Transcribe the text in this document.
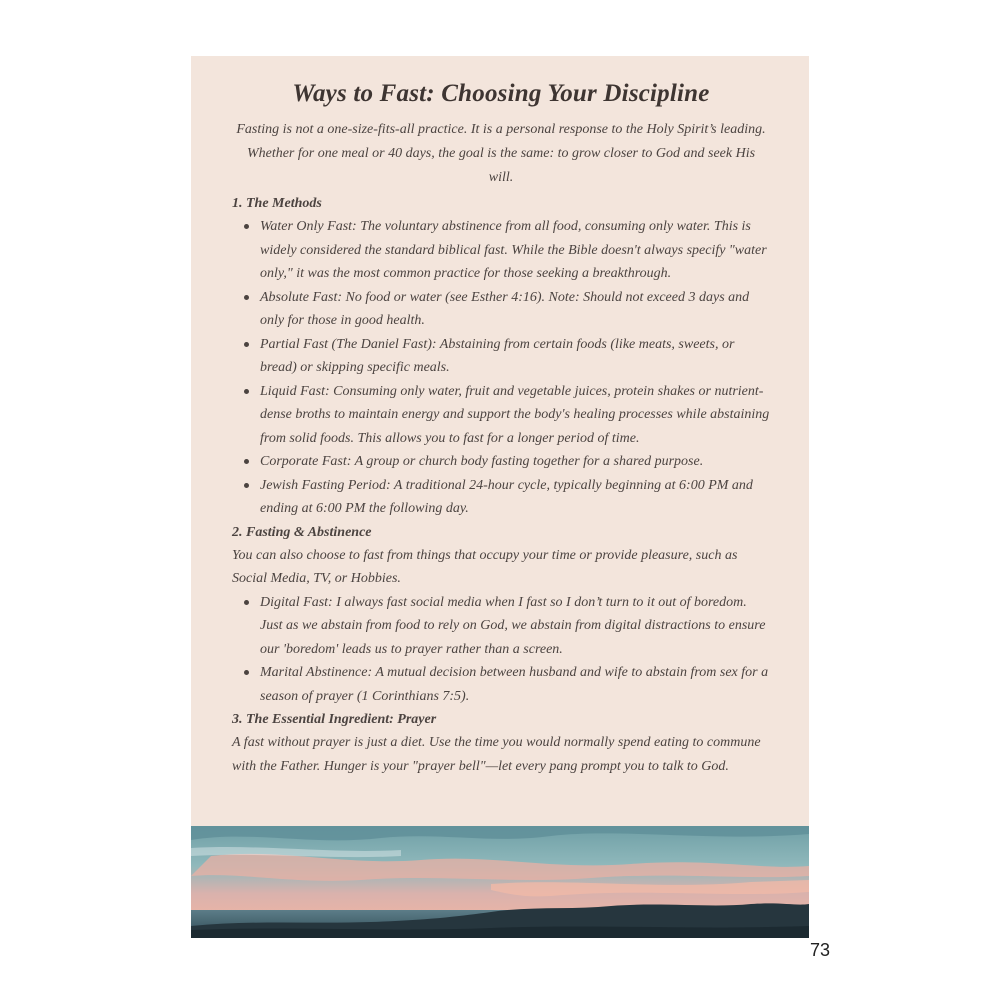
Ways to Fast: Choosing Your Discipline

Fasting is not a one-size-fits-all practice. It is a personal response to the Holy Spirit’s leading. Whether for one meal or 40 days, the goal is the same: to grow closer to God and seek His will.

1. The Methods

Water Only Fast: The voluntary abstinence from all food, consuming only water. This is widely considered the standard biblical fast. While the Bible doesn't always specify "water only," it was the most common practice for those seeking a breakthrough.
Absolute Fast: No food or water (see Esther 4:16). Note: Should not exceed 3 days and only for those in good health.
Partial Fast (The Daniel Fast): Abstaining from certain foods (like meats, sweets, or bread) or skipping specific meals.
Liquid Fast: Consuming only water, fruit and vegetable juices, protein shakes or nutrient-dense broths to maintain energy and support the body's healing processes while abstaining from solid foods. This allows you to fast for a longer period of time.
Corporate Fast: A group or church body fasting together for a shared purpose.
Jewish Fasting Period: A traditional 24-hour cycle, typically beginning at 6:00 PM and ending at 6:00 PM the following day.

2. Fasting & Abstinence

You can also choose to fast from things that occupy your time or provide pleasure, such as Social Media, TV, or Hobbies.

Digital Fast: I always fast social media when I fast so I don’t turn to it out of boredom. Just as we abstain from food to rely on God, we abstain from digital distractions to ensure our 'boredom' leads us to prayer rather than a screen.
Marital Abstinence: A mutual decision between husband and wife to abstain from sex for a season of prayer (1 Corinthians 7:5).

3. The Essential Ingredient: Prayer

A fast without prayer is just a diet. Use the time you would normally spend eating to commune with the Father. Hunger is your "prayer bell"—let every pang prompt you to talk to God.

73
